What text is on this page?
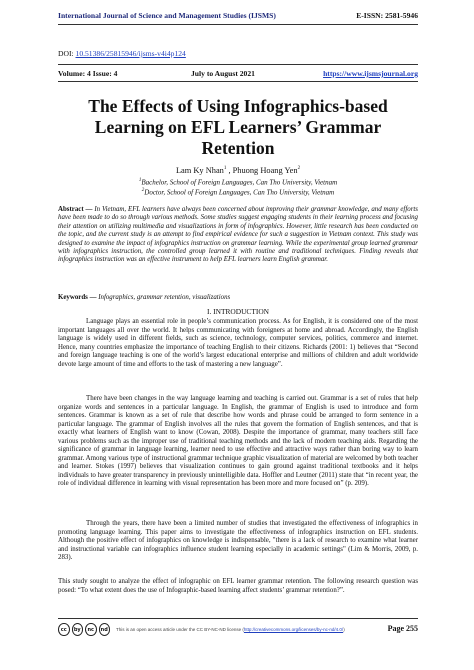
International Journal of Science and Management Studies (IJSMS)	E-ISSN: 2581-5946
DOI: 10.51386/25815946/ijsms-v4i4p124
Volume: 4 Issue: 4	July to August 2021	https://www.ijsmsjournal.org
The Effects of Using Infographics-based Learning on EFL Learners’ Grammar Retention
Lam Ky Nhan$^1$ , Phuong Hoang Yen$^2$
$^1$Bachelor, School of Foreign Languages, Can Tho University, Vietnam
$^2$Doctor, School of Foreign Languages, Can Tho University, Vietnam
Abstract — In Vietnam, EFL learners have always been concerned about improving their grammar knowledge, and many efforts have been made to do so through various methods. Some studies suggest engaging students in their learning process and focusing their attention on utilizing multimedia and visualizations in form of infographics. However, little research has been conducted on the topic, and the current study is an attempt to find empirical evidence for such a suggestion in Vietnam context. This study was designed to examine the impact of infographics instruction on grammar learning. While the experimental group learned grammar with infographics instruction, the controlled group learned it with routine and traditional techniques. Finding reveals that infographics instruction was an effective instrument to help EFL learners learn English grammar.
Keywords — Infographics, grammar retention, visualizations
I. INTRODUCTION

Language plays an essential role in people’s communication process. As for English, it is considered one of the most important languages all over the world. It helps communicating with foreigners at home and abroad. Accordingly, the English language is widely used in different fields, such as science, technology, computer services, politics, commerce and internet. Hence, many countries emphasize the importance of teaching English to their citizens. Richards (2001: 1) believes that “Second and foreign language teaching is one of the world’s largest educational enterprise and millions of children and adult worldwide devote large amount of time and efforts to the task of mastering a new language”.

There have been changes in the way language learning and teaching is carried out. Grammar is a set of rules that help organize words and sentences in a particular language. In English, the grammar of English is used to introduce and form sentences. Grammar is known as a set of rule that describe how words and phrase could be arranged to form sentence in a particular language. The grammar of English involves all the rules that govern the formation of English sentences, and that is exactly what learners of English want to know (Cowan, 2008). Despite the importance of grammar, many teachers still face various problems such as the improper use of traditional teaching methods and the lack of modern teaching aids. Regarding the significance of grammar in language learning, learner need to use effective and attractive ways rather than boring way to learn grammar. Among various type of instructional grammar technique graphic visualization of material are welcomed by both teacher and learner. Stokes (1997) believes that visualization continues to gain ground against traditional textbooks and it helps individuals to have greater transparency in previously unintelligible data. Hoffler and Leutner (2011) state that “in recent year, the role of individual difference in learning with visual representation has been more and more focused on” (p. 209).

Through the years, there have been a limited number of studies that investigated the effectiveness of infographics in promoting language learning. This paper aims to investigate the effectiveness of infographics instruction on EFL students. Although the positive effect of infographics on knowledge is indispensable, "there is a lack of research to examine what learner and instructional variable can infographics influence student learning especially in academic settings" (Lim & Morris, 2009, p. 283).

This study sought to analyze the effect of infographic on EFL learner grammar retention. The following research question was posed: “To what extent does the use of Infographic-based learning affect students’ grammar retention?”.

cc	by	nc	nd	This is an open access article under the CC BY-NC-ND license (http://creativecommons.org/licenses/by-nc-nd/4.0/)	Page 255
